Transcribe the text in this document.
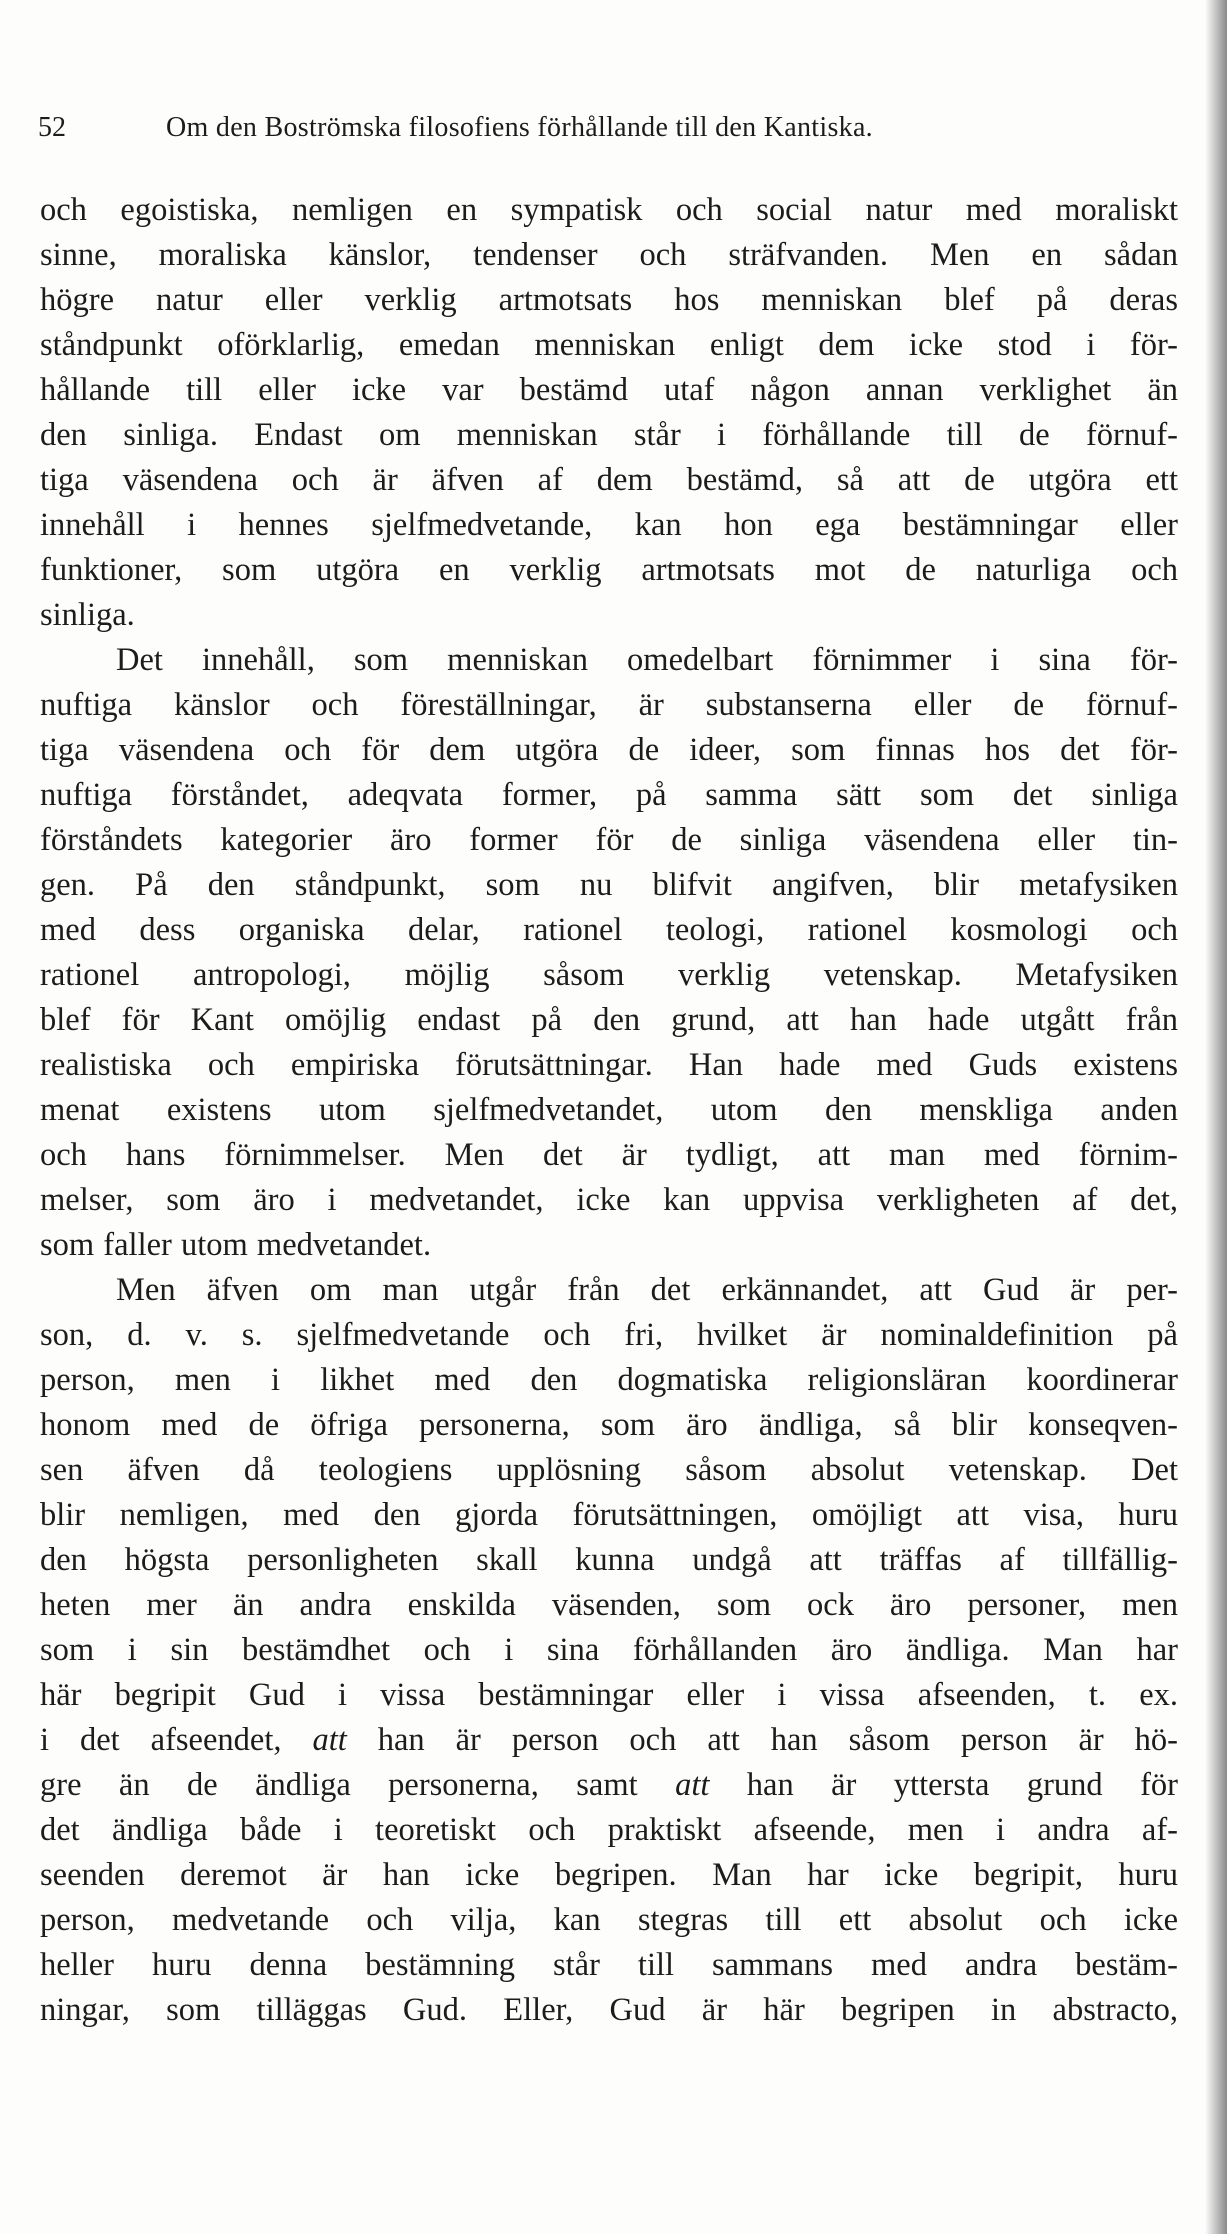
52	Om den Boströmska filosofiens förhållande till den Kantiska.
och egoistiska, nemligen en sympatisk och social natur med moraliskt
sinne, moraliska känslor, tendenser och sträfvanden. Men en sådan
högre natur eller verklig artmotsats hos menniskan blef på deras
ståndpunkt oförklarlig, emedan menniskan enligt dem icke stod i för-
hållande till eller icke var bestämd utaf någon annan verklighet än
den sinliga. Endast om menniskan står i förhållande till de förnuf-
tiga väsendena och är äfven af dem bestämd, så att de utgöra ett
innehåll i hennes sjelfmedvetande, kan hon ega bestämningar eller
funktioner, som utgöra en verklig artmotsats mot de naturliga och
sinliga.
Det innehåll, som menniskan omedelbart förnimmer i sina för-
nuftiga känslor och föreställningar, är substanserna eller de förnuf-
tiga väsendena och för dem utgöra de ideer, som finnas hos det för-
nuftiga förståndet, adeqvata former, på samma sätt som det sinliga
förståndets kategorier äro former för de sinliga väsendena eller tin-
gen. På den ståndpunkt, som nu blifvit angifven, blir metafysiken
med dess organiska delar, rationel teologi, rationel kosmologi och
rationel antropologi, möjlig såsom verklig vetenskap. Metafysiken
blef för Kant omöjlig endast på den grund, att han hade utgått från
realistiska och empiriska förutsättningar. Han hade med Guds existens
menat existens utom sjelfmedvetandet, utom den menskliga anden
och hans förnimmelser. Men det är tydligt, att man med förnim-
melser, som äro i medvetandet, icke kan uppvisa verkligheten af det,
som faller utom medvetandet.
Men äfven om man utgår från det erkännandet, att Gud är per-
son, d. v. s. sjelfmedvetande och fri, hvilket är nominaldefinition på
person, men i likhet med den dogmatiska religionsläran koordinerar
honom med de öfriga personerna, som äro ändliga, så blir konseqven-
sen äfven då teologiens upplösning såsom absolut vetenskap. Det
blir nemligen, med den gjorda förutsättningen, omöjligt att visa, huru
den högsta personligheten skall kunna undgå att träffas af tillfällig-
heten mer än andra enskilda väsenden, som ock äro personer, men
som i sin bestämdhet och i sina förhållanden äro ändliga. Man har
här begripit Gud i vissa bestämningar eller i vissa afseenden, t. ex.
i det afseendet, att han är person och att han såsom person är hö-
gre än de ändliga personerna, samt att han är yttersta grund för
det ändliga både i teoretiskt och praktiskt afseende, men i andra af-
seenden deremot är han icke begripen. Man har icke begripit, huru
person, medvetande och vilja, kan stegras till ett absolut och icke
heller huru denna bestämning står till sammans med andra bestäm-
ningar, som tilläggas Gud. Eller, Gud är här begripen in abstracto,
